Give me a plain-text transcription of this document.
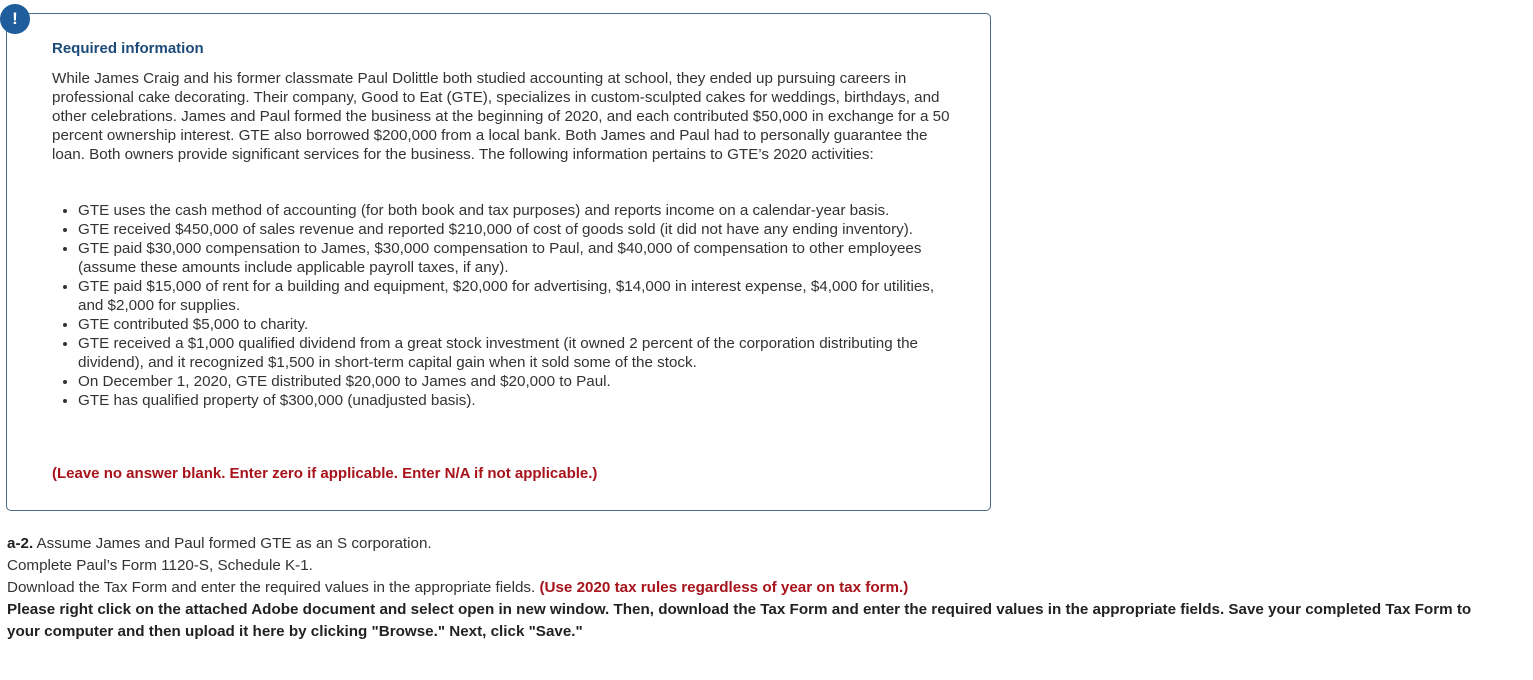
!
Required information

While James Craig and his former classmate Paul Dolittle both studied accounting at school, they ended up pursuing careers in professional cake decorating. Their company, Good to Eat (GTE), specializes in custom-sculpted cakes for weddings, birthdays, and other celebrations. James and Paul formed the business at the beginning of 2020, and each contributed $50,000 in exchange for a 50 percent ownership interest. GTE also borrowed $200,000 from a local bank. Both James and Paul had to personally guarantee the loan. Both owners provide significant services for the business. The following information pertains to GTE’s 2020 activities:

• GTE uses the cash method of accounting (for both book and tax purposes) and reports income on a calendar-year basis.
• GTE received $450,000 of sales revenue and reported $210,000 of cost of goods sold (it did not have any ending inventory).
• GTE paid $30,000 compensation to James, $30,000 compensation to Paul, and $40,000 of compensation to other employees (assume these amounts include applicable payroll taxes, if any).
• GTE paid $15,000 of rent for a building and equipment, $20,000 for advertising, $14,000 in interest expense, $4,000 for utilities, and $2,000 for supplies.
• GTE contributed $5,000 to charity.
• GTE received a $1,000 qualified dividend from a great stock investment (it owned 2 percent of the corporation distributing the dividend), and it recognized $1,500 in short-term capital gain when it sold some of the stock.
• On December 1, 2020, GTE distributed $20,000 to James and $20,000 to Paul.
• GTE has qualified property of $300,000 (unadjusted basis).
(Leave no answer blank. Enter zero if applicable. Enter N/A if not applicable.)
a-2. Assume James and Paul formed GTE as an S corporation.
Complete Paul’s Form 1120-S, Schedule K-1.
Download the Tax Form and enter the required values in the appropriate fields. (Use 2020 tax rules regardless of year on tax form.)
Please right click on the attached Adobe document and select open in new window. Then, download the Tax Form and enter the required values in the appropriate fields. Save your completed Tax Form to your computer and then upload it here by clicking "Browse." Next, click "Save."
